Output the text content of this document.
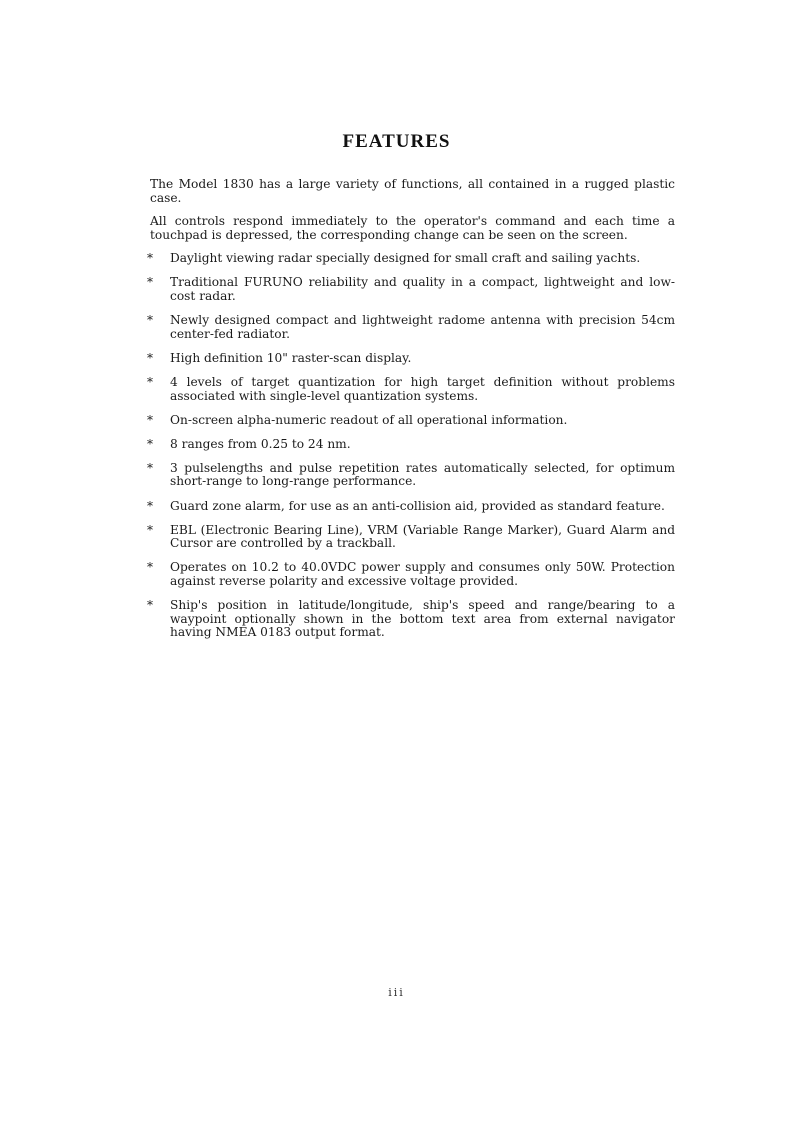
FEATURES

The Model 1830 has a large variety of functions, all contained in a rugged plastic case.

All controls respond immediately to the operator's command and each time a touchpad is depressed, the corresponding change can be seen on the screen.

* Daylight viewing radar specially designed for small craft and sailing yachts.
* Traditional FURUNO reliability and quality in a compact, lightweight and low-cost radar.
* Newly designed compact and lightweight radome antenna with precision 54cm center-fed radiator.
* High definition 10" raster-scan display.
* 4 levels of target quantization for high target definition without problems associated with single-level quantization systems.
* On-screen alpha-numeric readout of all operational information.
* 8 ranges from 0.25 to 24 nm.
* 3 pulselengths and pulse repetition rates automatically selected, for optimum short-range to long-range performance.
* Guard zone alarm, for use as an anti-collision aid, provided as standard feature.
* EBL (Electronic Bearing Line), VRM (Variable Range Marker), Guard Alarm and Cursor are controlled by a trackball.
* Operates on 10.2 to 40.0VDC power supply and consumes only 50W. Protection against reverse polarity and excessive voltage provided.
* Ship's position in latitude/longitude, ship's speed and range/bearing to a waypoint optionally shown in the bottom text area from external navigator having NMEA 0183 output format.
iii
